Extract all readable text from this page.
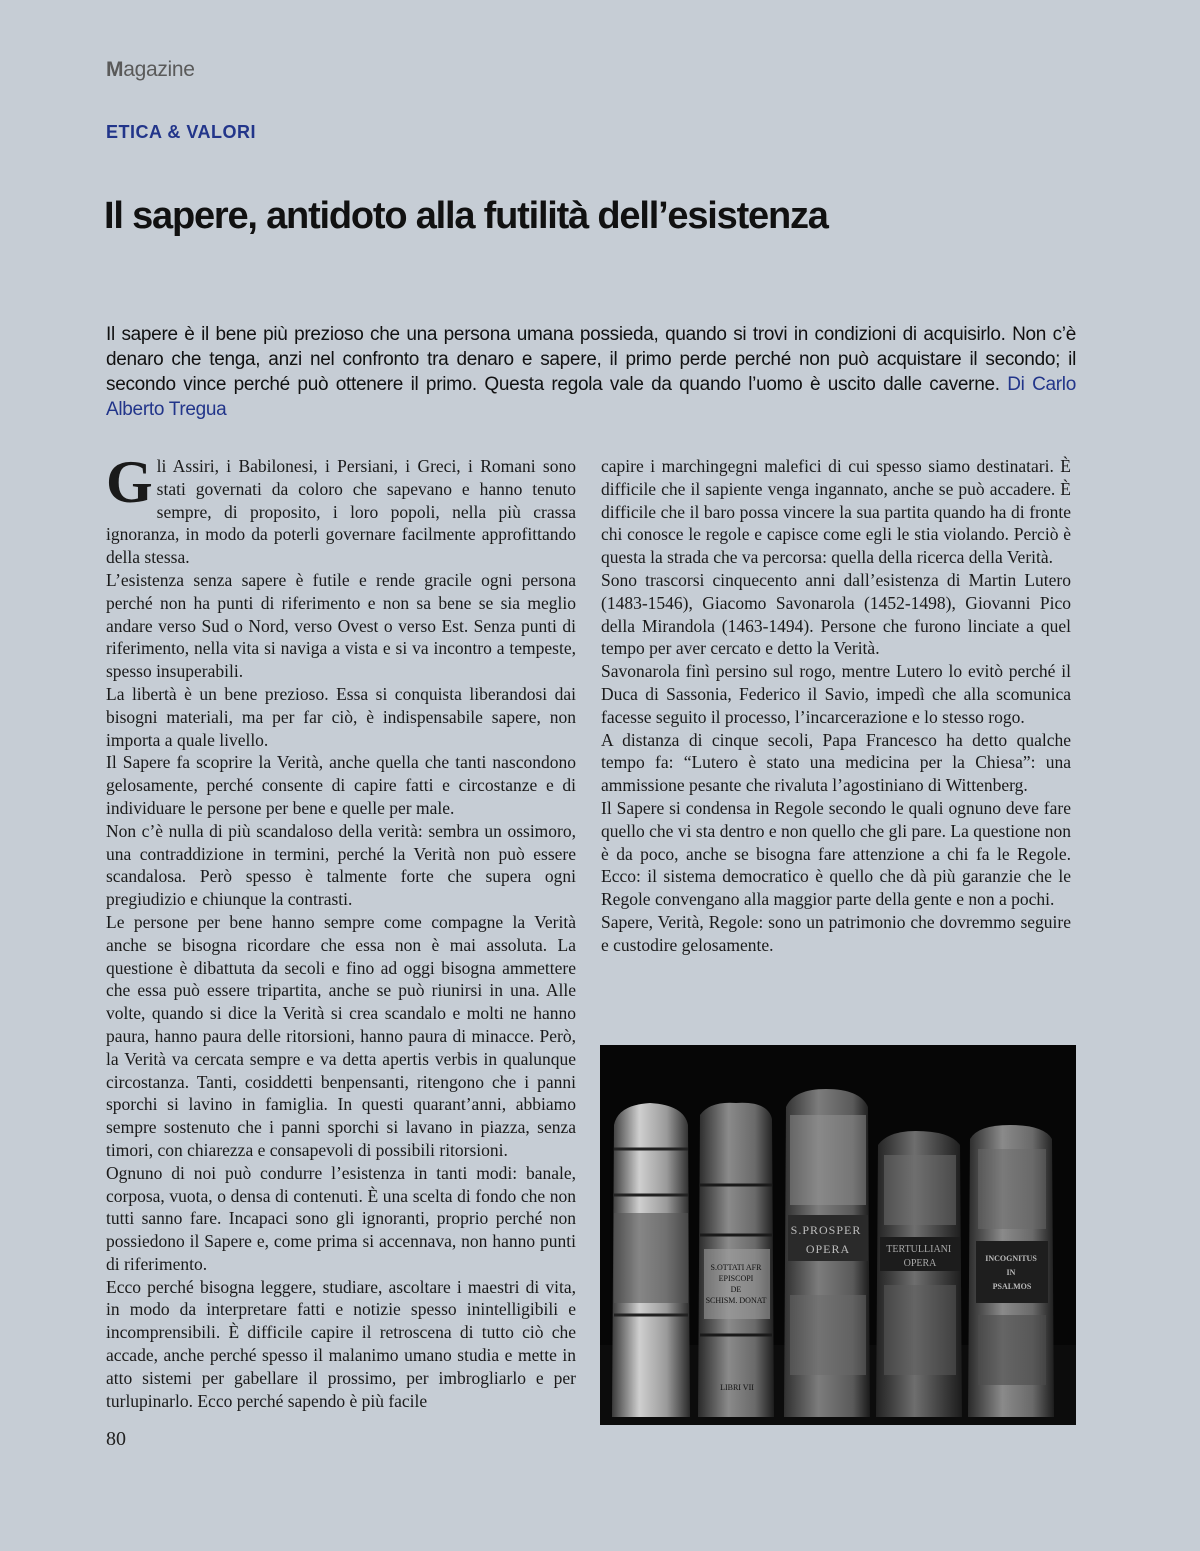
Magazine
ETICA & VALORI
Il sapere, antidoto alla futilità dell’esistenza

Il sapere è il bene più prezioso che una persona umana possieda, quando si trovi in condizioni di acquisirlo. Non c’è denaro che tenga, anzi nel confronto tra denaro e sapere, il primo perde perché non può acquistare il secondo; il secondo vince perché può ottenere il primo. Questa regola vale da quando l’uomo è uscito dalle caverne. Di Carlo Alberto Tregua

Gli Assiri, i Babilonesi, i Persiani, i Greci, i Romani sono stati governati da coloro che sapevano e hanno tenuto sempre, di proposito, i loro popoli, nella più crassa ignoranza, in modo da poterli governare facilmente approfittando della stessa.

L’esistenza senza sapere è futile e rende gracile ogni persona perché non ha punti di riferimento e non sa bene se sia meglio andare verso Sud o Nord, verso Ovest o verso Est. Senza punti di riferimento, nella vita si naviga a vista e si va incontro a tempeste, spesso insuperabili.

La libertà è un bene prezioso. Essa si conquista liberandosi dai bisogni materiali, ma per far ciò, è indispensabile sapere, non importa a quale livello.

Il Sapere fa scoprire la Verità, anche quella che tanti nascondono gelosamente, perché consente di capire fatti e circostanze e di individuare le persone per bene e quelle per male.

Non c’è nulla di più scandaloso della verità: sembra un ossimoro, una contraddizione in termini, perché la Verità non può essere scandalosa. Però spesso è talmente forte che supera ogni pregiudizio e chiunque la contrasti.

Le persone per bene hanno sempre come compagne la Verità anche se bisogna ricordare che essa non è mai assoluta. La questione è dibattuta da secoli e fino ad oggi bisogna ammettere che essa può essere tripartita, anche se può riunirsi in una. Alle volte, quando si dice la Verità si crea scandalo e molti ne hanno paura, hanno paura delle ritorsioni, hanno paura di minacce. Però, la Verità va cercata sempre e va detta apertis verbis in qualunque circostanza. Tanti, cosiddetti benpensanti, ritengono che i panni sporchi si lavino in famiglia. In questi quarant’anni, abbiamo sempre sostenuto che i panni sporchi si lavano in piazza, senza timori, con chiarezza e consapevoli di possibili ritorsioni.

Ognuno di noi può condurre l’esistenza in tanti modi: banale, corposa, vuota, o densa di contenuti. È una scelta di fondo che non tutti sanno fare. Incapaci sono gli ignoranti, proprio perché non possiedono il Sapere e, come prima si accennava, non hanno punti di riferimento.

Ecco perché bisogna leggere, studiare, ascoltare i maestri di vita, in modo da interpretare fatti e notizie spesso inintelligibili e incomprensibili. È difficile capire il retroscena di tutto ciò che accade, anche perché spesso il malanimo umano studia e mette in atto sistemi per gabellare il prossimo, per imbrogliarlo e per turlupinarlo. Ecco perché sapendo è più facile

capire i marchingegni malefici di cui spesso siamo destinatari. È difficile che il sapiente venga ingannato, anche se può accadere. È difficile che il baro possa vincere la sua partita quando ha di fronte chi conosce le regole e capisce come egli le stia violando. Perciò è questa la strada che va percorsa: quella della ricerca della Verità.

Sono trascorsi cinquecento anni dall’esistenza di Martin Lutero (1483-1546), Giacomo Savonarola (1452-1498), Giovanni Pico della Mirandola (1463-1494). Persone che furono linciate a quel tempo per aver cercato e detto la Verità.

Savonarola finì persino sul rogo, mentre Lutero lo evitò perché il Duca di Sassonia, Federico il Savio, impedì che alla scomunica facesse seguito il processo, l’incarcerazione e lo stesso rogo.

A distanza di cinque secoli, Papa Francesco ha detto qualche tempo fa: “Lutero è stato una medicina per la Chiesa”: una ammissione pesante che rivaluta l’agostiniano di Wittenberg.

Il Sapere si condensa in Regole secondo le quali ognuno deve fare quello che vi sta dentro e non quello che gli pare. La questione non è da poco, anche se bisogna fare attenzione a chi fa le Regole. Ecco: il sistema democratico è quello che dà più garanzie che le Regole convengano alla maggior parte della gente e non a pochi.

Sapere, Verità, Regole: sono un patrimonio che dovremmo seguire e custodire gelosamente.

S.OTTATI AFR EPISCOPI DE SCHISM. DONAT LIBRI VII
S.PROSPER OPERA	TERTULLIANI OPERA	INCOGNITUS IN PSALMOS
80
